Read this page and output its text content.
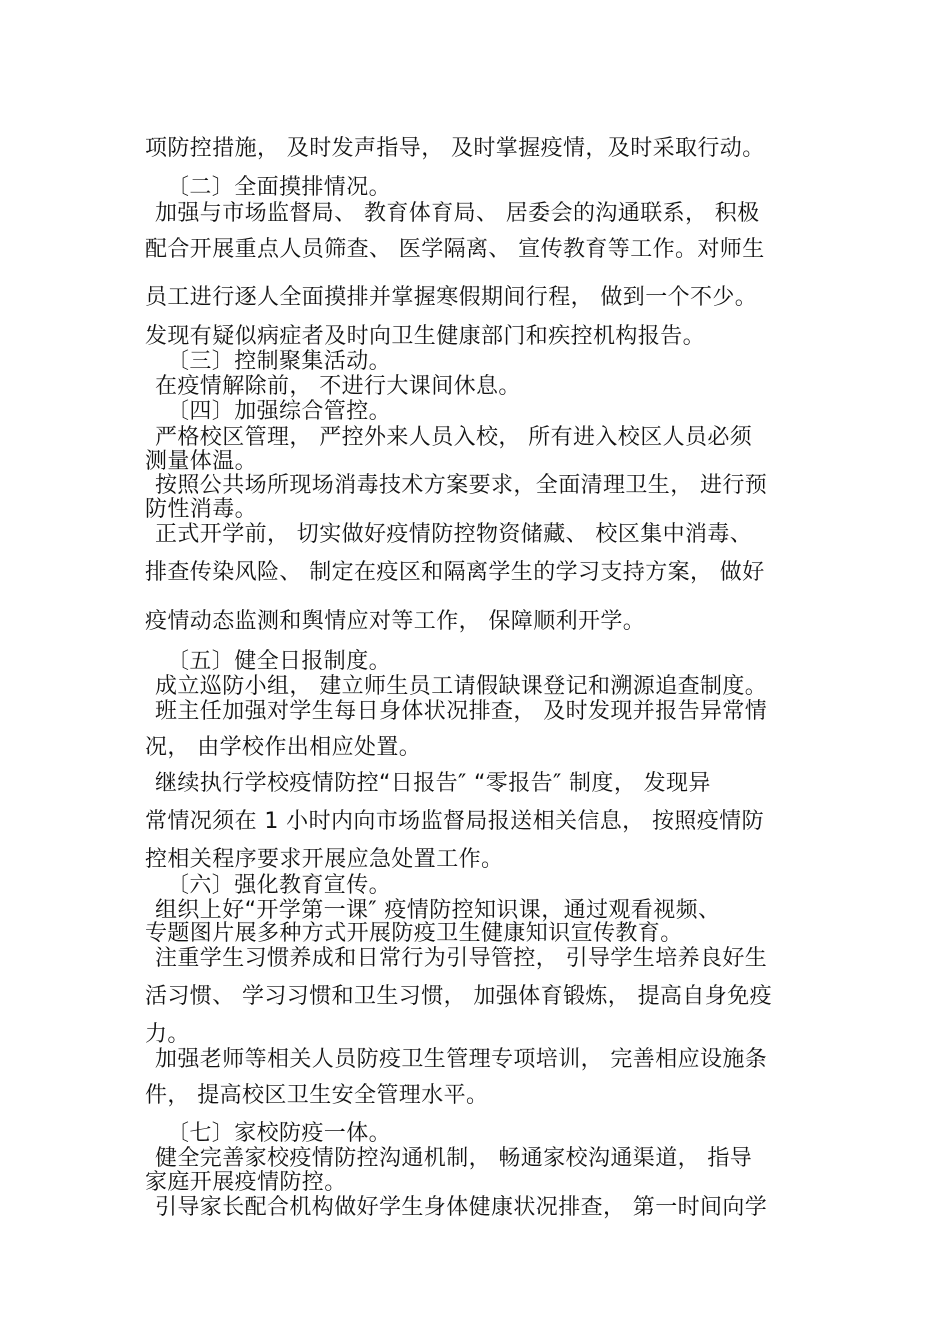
项防控措施， 及时发声指导， 及时掌握疫情，及时采取行动。
〔二〕全面摸排情况。
加强与市场监督局、 教育体育局、 居委会的沟通联系， 积极
配合开展重点人员筛查、 医学隔离、 宣传教育等工作。对师生
员工进行逐人全面摸排并掌握寒假期间行程， 做到一个不少。
发现有疑似病症者及时向卫生健康部门和疾控机构报告。
〔三〕控制聚集活动。
在疫情解除前， 不进行大课间休息。
〔四〕加强综合管控。
严格校区管理， 严控外来人员入校， 所有进入校区人员必须
测量体温。
按照公共场所现场消毒技术方案要求，全面清理卫生， 进行预
防性消毒。
正式开学前， 切实做好疫情防控物资储藏、 校区集中消毒、
排查传染风险、 制定在疫区和隔离学生的学习支持方案， 做好
疫情动态监测和舆情应对等工作， 保障顺利开学。
〔五〕健全日报制度。
成立巡防小组， 建立师生员工请假缺课登记和溯源追查制度。
班主任加强对学生每日身体状况排查， 及时发现并报告异常情
况， 由学校作出相应处置。
继续执行学校疫情防控“日报告″ “零报告″ 制度， 发现异
常情况须在 1 小时内向市场监督局报送相关信息， 按照疫情防
控相关程序要求开展应急处置工作。
〔六〕强化教育宣传。
组织上好“开学第一课″ 疫情防控知识课，通过观看视频、
专题图片展多种方式开展防疫卫生健康知识宣传教育。
注重学生习惯养成和日常行为引导管控， 引导学生培养良好生
活习惯、 学习习惯和卫生习惯， 加强体育锻炼， 提高自身免疫
力。
加强老师等相关人员防疫卫生管理专项培训， 完善相应设施条
件， 提高校区卫生安全管理水平。
〔七〕家校防疫一体。
健全完善家校疫情防控沟通机制， 畅通家校沟通渠道， 指导
家庭开展疫情防控。
引导家长配合机构做好学生身体健康状况排查， 第一时间向学
